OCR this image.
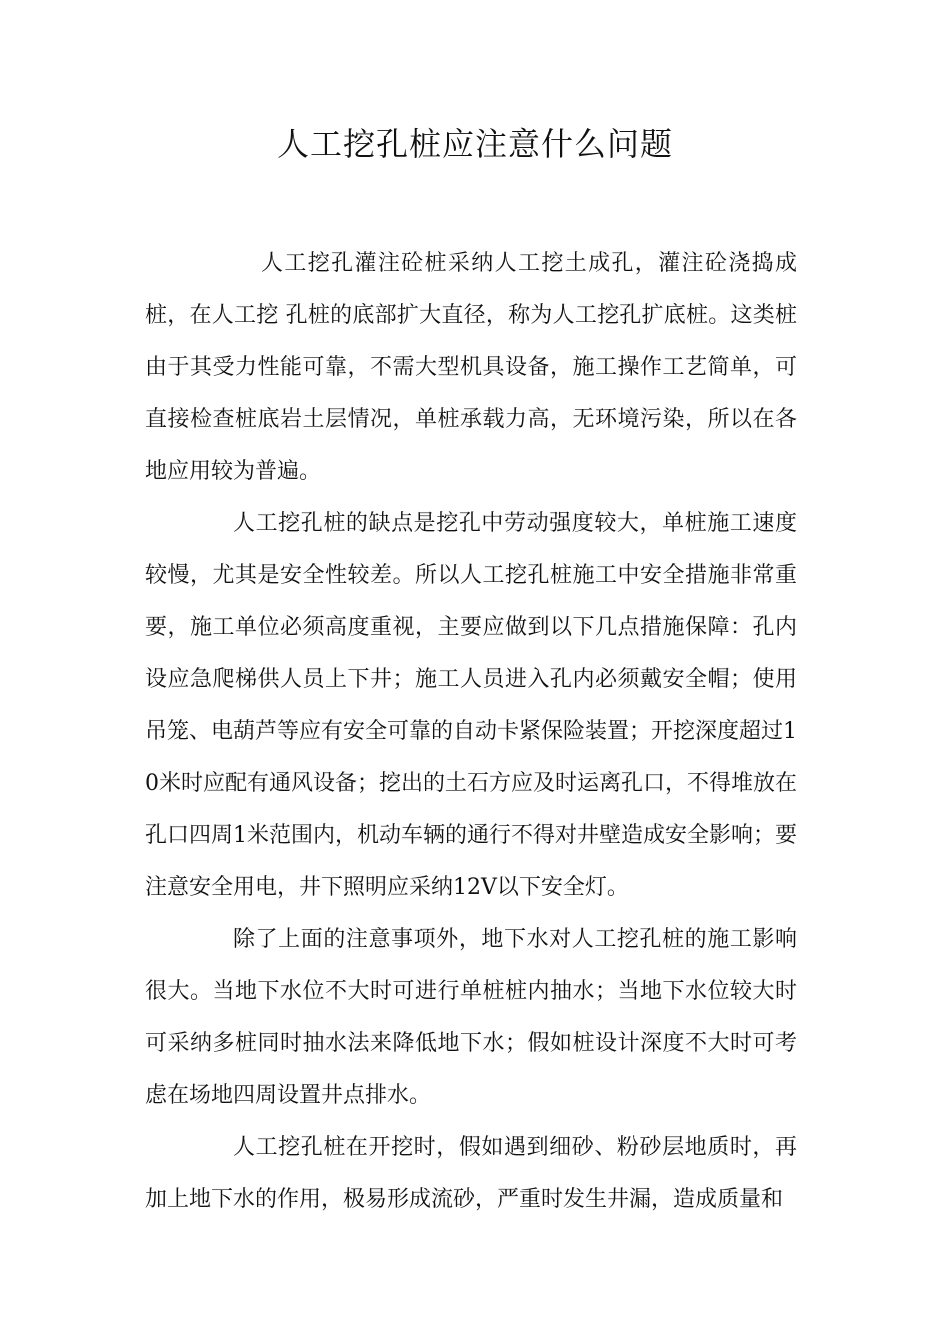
人工挖孔桩应注意什么问题

人工挖孔灌注砼桩采纳人工挖土成孔，灌注砼浇捣成桩，在人工挖 孔桩的底部扩大直径，称为人工挖孔扩底桩。这类桩由于其受力性能可靠，不需大型机具设备，施工操作工艺简单，可直接检查桩底岩土层情况，单桩承载力高，无环境污染，所以在各地应用较为普遍。

人工挖孔桩的缺点是挖孔中劳动强度较大，单桩施工速度较慢，尤其是安全性较差。所以人工挖孔桩施工中安全措施非常重要，施工单位必须高度重视，主要应做到以下几点措施保障：孔内设应急爬梯供人员上下井；施工人员进入孔内必须戴安全帽；使用吊笼、电葫芦等应有安全可靠的自动卡紧保险装置；开挖深度超过10米时应配有通风设备；挖出的土石方应及时运离孔口，不得堆放在孔口四周1米范围内，机动车辆的通行不得对井壁造成安全影响；要注意安全用电，井下照明应采纳12V以下安全灯。

除了上面的注意事项外，地下水对人工挖孔桩的施工影响很大。当地下水位不大时可进行单桩桩内抽水；当地下水位较大时可采纳多桩同时抽水法来降低地下水；假如桩设计深度不大时可考虑在场地四周设置井点排水。

人工挖孔桩在开挖时，假如遇到细砂、粉砂层地质时，再加上地下水的作用，极易形成流砂，严重时发生井漏，造成质量和
